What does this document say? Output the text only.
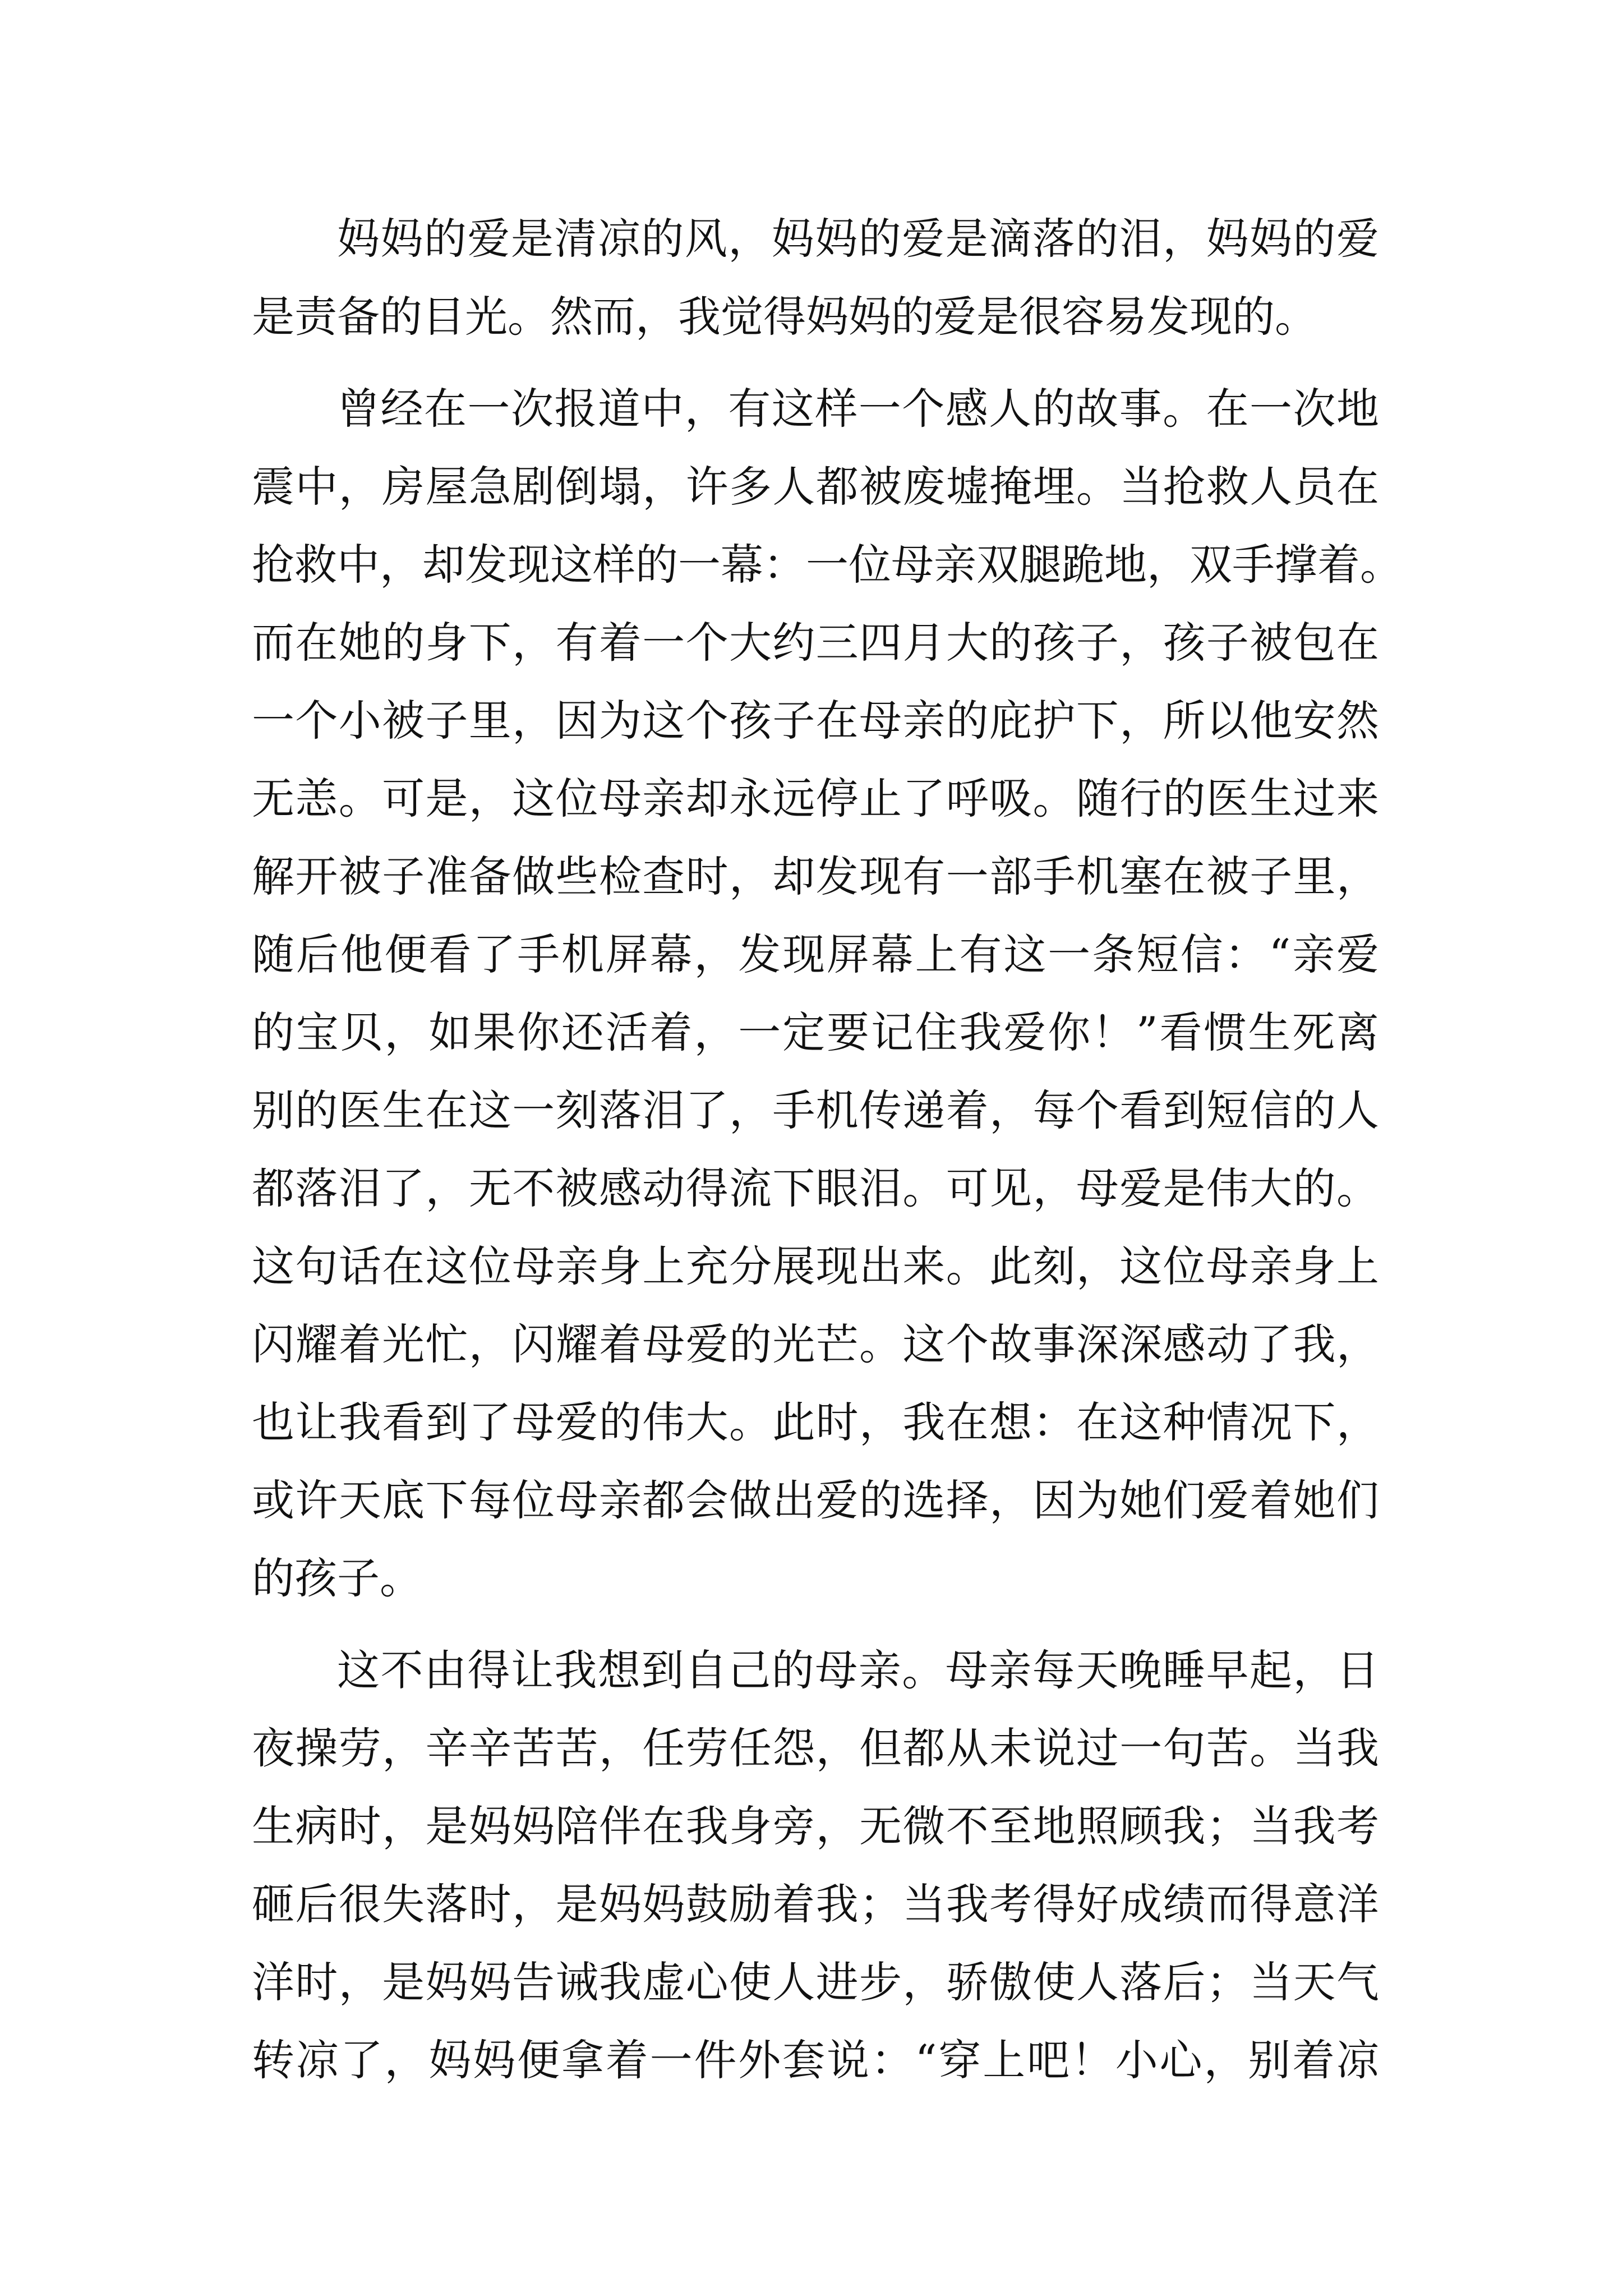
妈妈的爱是清凉的风，妈妈的爱是滴落的泪，妈妈的爱
是责备的目光。然而，我觉得妈妈的爱是很容易发现的。
曾经在一次报道中，有这样一个感人的故事。在一次地
震中，房屋急剧倒塌，许多人都被废墟掩埋。当抢救人员在
抢救中，却发现这样的一幕：一位母亲双腿跪地，双手撑着。
而在她的身下，有着一个大约三四月大的孩子，孩子被包在
一个小被子里，因为这个孩子在母亲的庇护下，所以他安然
无恙。可是，这位母亲却永远停止了呼吸。随行的医生过来
解开被子准备做些检查时，却发现有一部手机塞在被子里，
随后他便看了手机屏幕，发现屏幕上有这一条短信：“亲爱
的宝贝，如果你还活着，一定要记住我爱你！”看惯生死离
别的医生在这一刻落泪了，手机传递着，每个看到短信的人
都落泪了，无不被感动得流下眼泪。可见，母爱是伟大的。
这句话在这位母亲身上充分展现出来。此刻，这位母亲身上
闪耀着光忙，闪耀着母爱的光芒。这个故事深深感动了我，
也让我看到了母爱的伟大。此时，我在想：在这种情况下，
或许天底下每位母亲都会做出爱的选择，因为她们爱着她们
的孩子。
这不由得让我想到自己的母亲。母亲每天晚睡早起，日
夜操劳，辛辛苦苦，任劳任怨，但都从未说过一句苦。当我
生病时，是妈妈陪伴在我身旁，无微不至地照顾我；当我考
砸后很失落时，是妈妈鼓励着我；当我考得好成绩而得意洋
洋时，是妈妈告诫我虚心使人进步，骄傲使人落后；当天气
转凉了，妈妈便拿着一件外套说：“穿上吧！小心，别着凉
